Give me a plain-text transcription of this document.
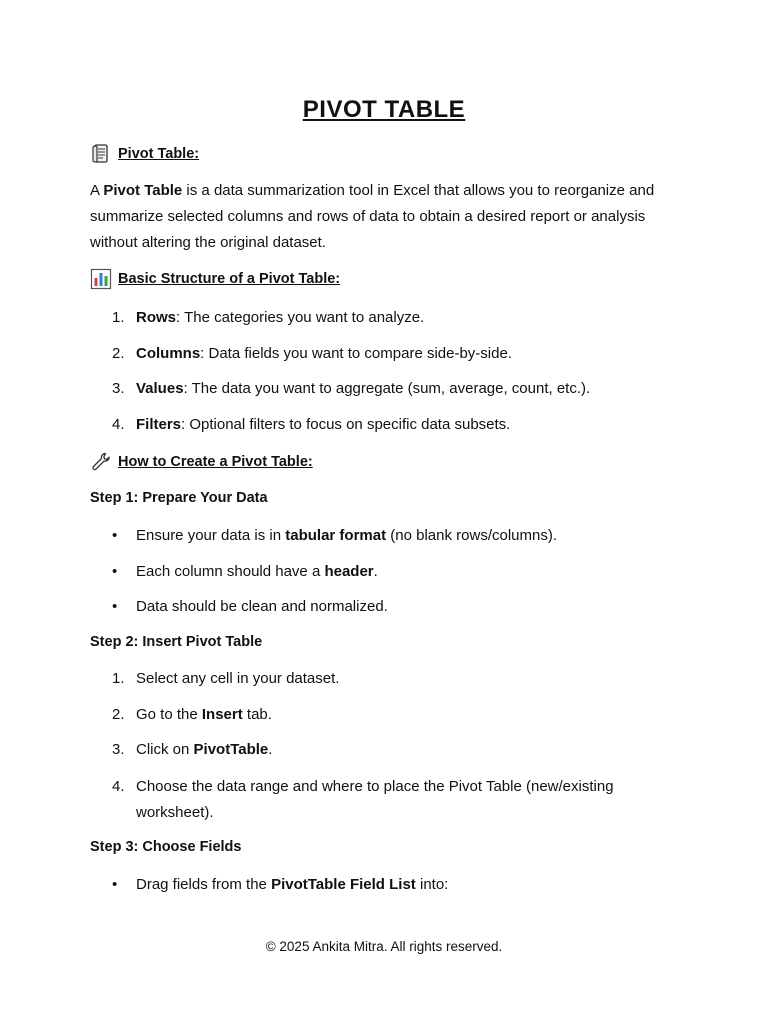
PIVOT TABLE
Pivot Table:
A Pivot Table is a data summarization tool in Excel that allows you to reorganize and summarize selected columns and rows of data to obtain a desired report or analysis without altering the original dataset.
Basic Structure of a Pivot Table:
1. Rows: The categories you want to analyze.
2. Columns: Data fields you want to compare side-by-side.
3. Values: The data you want to aggregate (sum, average, count, etc.).
4. Filters: Optional filters to focus on specific data subsets.
How to Create a Pivot Table:
Step 1: Prepare Your Data
• Ensure your data is in tabular format (no blank rows/columns).
• Each column should have a header.
• Data should be clean and normalized.
Step 2: Insert Pivot Table
1. Select any cell in your dataset.
2. Go to the Insert tab.
3. Click on PivotTable.
4. Choose the data range and where to place the Pivot Table (new/existing worksheet).
Step 3: Choose Fields
• Drag fields from the PivotTable Field List into:
© 2025 Ankita Mitra. All rights reserved.
